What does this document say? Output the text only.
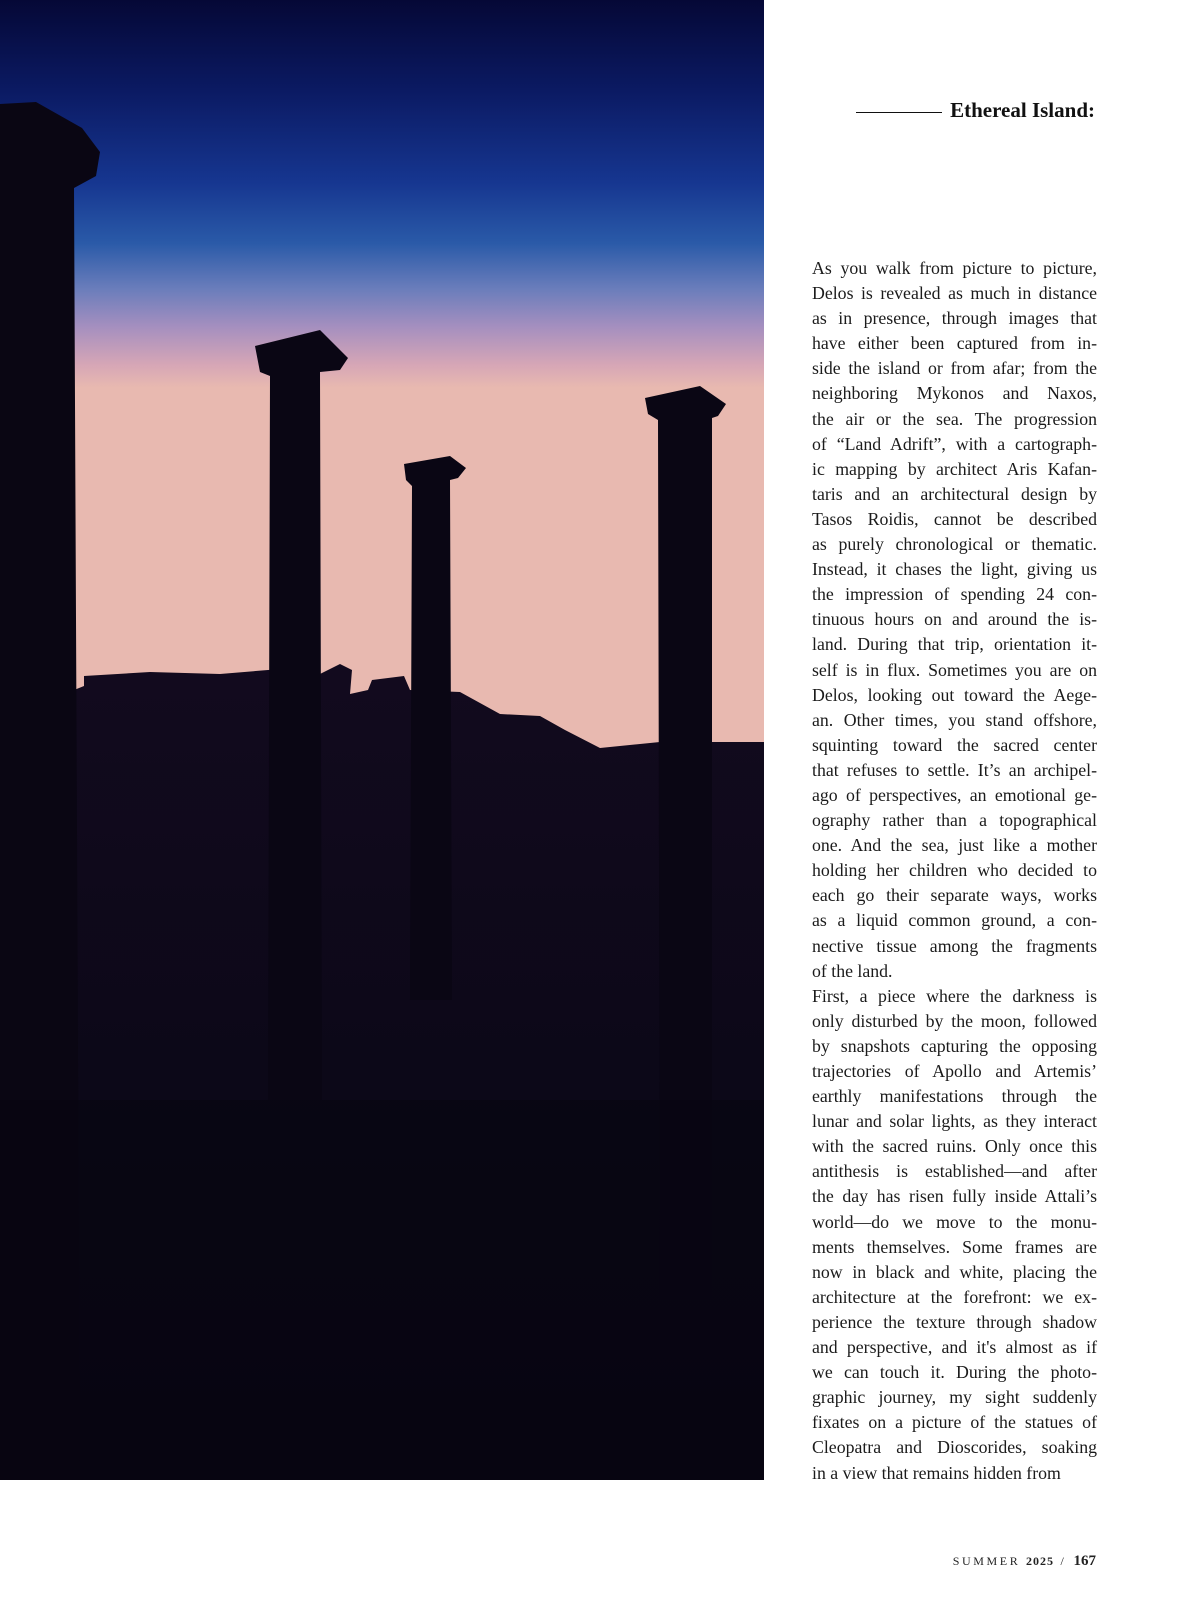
Ethereal Island:
As you walk from picture to picture,
Delos is revealed as much in distance
as in presence, through images that
have either been captured from in-
side the island or from afar; from the
neighboring Mykonos and Naxos,
the air or the sea. The progression
of “Land Adrift”, with a cartograph-
ic mapping by architect Aris Kafan-
taris and an architectural design by
Tasos Roidis, cannot be described
as purely chronological or thematic.
Instead, it chases the light, giving us
the impression of spending 24 con-
tinuous hours on and around the is-
land. During that trip, orientation it-
self is in flux. Sometimes you are on
Delos, looking out toward the Aege-
an. Other times, you stand offshore,
squinting toward the sacred center
that refuses to settle. It’s an archipel-
ago of perspectives, an emotional ge-
ography rather than a topographical
one. And the sea, just like a mother
holding her children who decided to
each go their separate ways, works
as a liquid common ground, a con-
nective tissue among the fragments
of the land.
First, a piece where the darkness is
only disturbed by the moon, followed
by snapshots capturing the opposing
trajectories of Apollo and Artemis’
earthly manifestations through the
lunar and solar lights, as they interact
with the sacred ruins. Only once this
antithesis is established—and after
the day has risen fully inside Attali’s
world—do we move to the monu-
ments themselves. Some frames are
now in black and white, placing the
architecture at the forefront: we ex-
perience the texture through shadow
and perspective, and it's almost as if
we can touch it. During the photo-
graphic journey, my sight suddenly
fixates on a picture of the statues of
Cleopatra and Dioscorides, soaking
in a view that remains hidden from
SUMMER 2025 / 167
